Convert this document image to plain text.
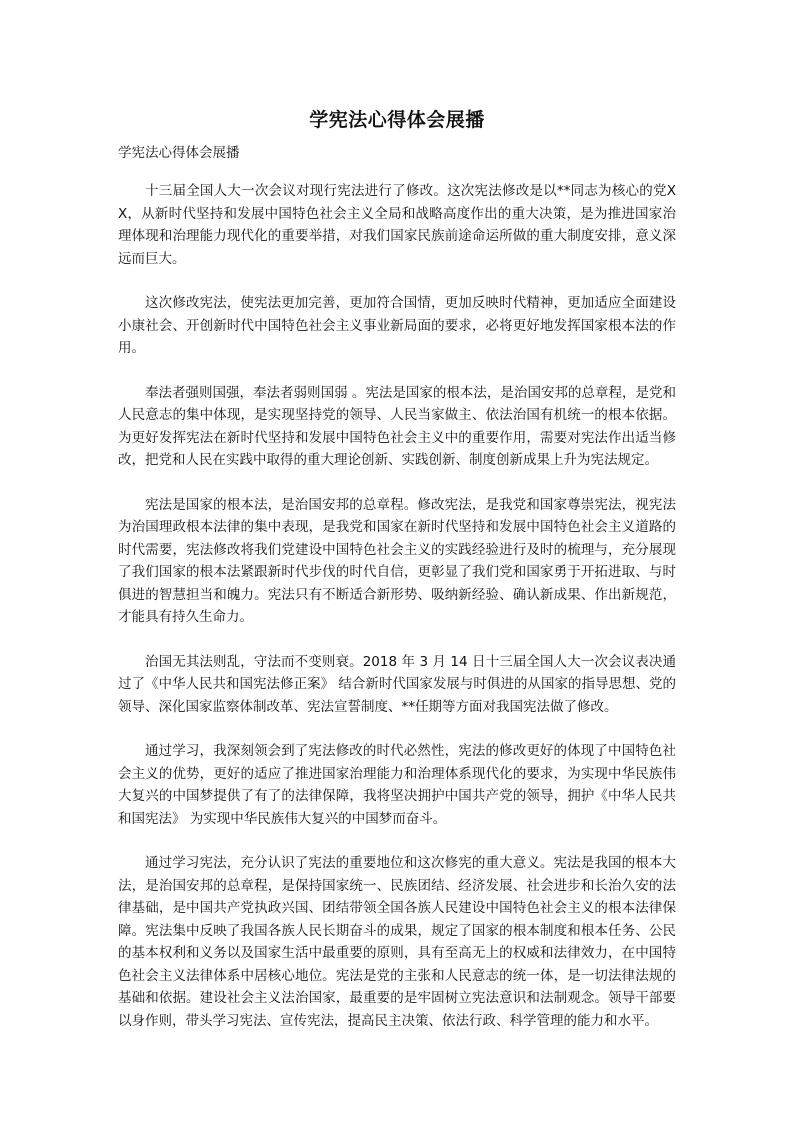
学宪法心得体会展播
学宪法心得体会展播

十三届全国人大一次会议对现行宪法进行了修改。这次宪法修改是以**同志为核心的党XX，从新时代坚持和发展中国特色社会主义全局和战略高度作出的重大决策，是为推进国家治理体现和治理能力现代化的重要举措，对我们国家民族前途命运所做的重大制度安排，意义深远而巨大。

这次修改宪法，使宪法更加完善，更加符合国情，更加反映时代精神，更加适应全面建设小康社会、开创新时代中国特色社会主义事业新局面的要求，必将更好地发挥国家根本法的作用。

奉法者强则国强，奉法者弱则国弱 。宪法是国家的根本法，是治国安邦的总章程，是党和人民意志的集中体现，是实现坚持党的领导、人民当家做主、依法治国有机统一的根本依据。为更好发挥宪法在新时代坚持和发展中国特色社会主义中的重要作用，需要对宪法作出适当修改，把党和人民在实践中取得的重大理论创新、实践创新、制度创新成果上升为宪法规定。

宪法是国家的根本法，是治国安邦的总章程。修改宪法，是我党和国家尊崇宪法，视宪法为治国理政根本法律的集中表现，是我党和国家在新时代坚持和发展中国特色社会主义道路的时代需要，宪法修改将我们党建设中国特色社会主义的实践经验进行及时的梳理与，充分展现了我们国家的根本法紧跟新时代步伐的时代自信，更彰显了我们党和国家勇于开拓进取、与时俱进的智慧担当和魄力。宪法只有不断适合新形势、吸纳新经验、确认新成果、作出新规范，才能具有持久生命力。

治国无其法则乱，守法而不变则衰。2018 年 3 月 14 日十三届全国人大一次会议表决通过了《中华人民共和国宪法修正案》 结合新时代国家发展与时俱进的从国家的指导思想、党的领导、深化国家监察体制改革、宪法宣誓制度、**任期等方面对我国宪法做了修改。

通过学习，我深刻领会到了宪法修改的时代必然性，宪法的修改更好的体现了中国特色社会主义的优势，更好的适应了推进国家治理能力和治理体系现代化的要求，为实现中华民族伟大复兴的中国梦提供了有了的法律保障，我将坚决拥护中国共产党的领导，拥护《中华人民共和国宪法》 为实现中华民族伟大复兴的中国梦而奋斗。

通过学习宪法，充分认识了宪法的重要地位和这次修宪的重大意义。宪法是我国的根本大法，是治国安邦的总章程，是保持国家统一、民族团结、经济发展、社会进步和长治久安的法律基础，是中国共产党执政兴国、团结带领全国各族人民建设中国特色社会主义的根本法律保障。宪法集中反映了我国各族人民长期奋斗的成果，规定了国家的根本制度和根本任务、公民的基本权利和义务以及国家生活中最重要的原则，具有至高无上的权威和法律效力，在中国特色社会主义法律体系中居核心地位。宪法是党的主张和人民意志的统一体，是一切法律法规的基础和依据。建设社会主义法治国家，最重要的是牢固树立宪法意识和法制观念。领导干部要以身作则，带头学习宪法、宣传宪法，提高民主决策、依法行政、科学管理的能力和水平。
